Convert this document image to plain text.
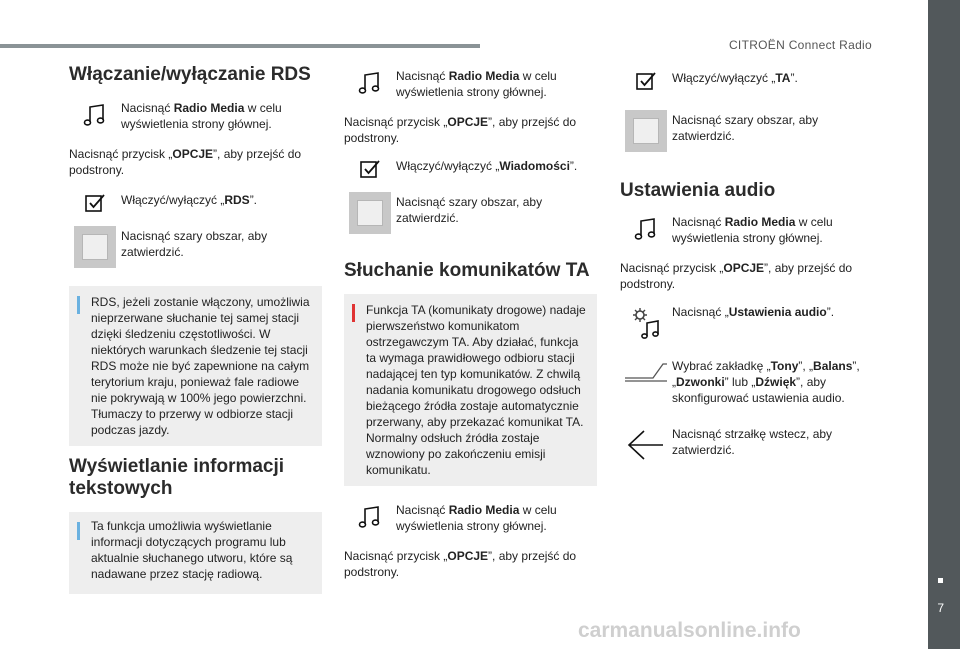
CITROËN Connect Radio
7
carmanualsonline.info
Włączanie/wyłączanie RDS
Nacisnąć Radio Media w celu wyświetlenia strony głównej.
Nacisnąć przycisk „OPCJE”, aby przejść do podstrony.
Włączyć/wyłączyć „RDS”.
Nacisnąć szary obszar, aby zatwierdzić.
RDS, jeżeli zostanie włączony, umożliwia nieprzerwane słuchanie tej samej stacji dzięki śledzeniu częstotliwości. W niektórych warunkach śledzenie tej stacji RDS może nie być zapewnione na całym terytorium kraju, ponieważ fale radiowe nie pokrywają w 100% jego powierzchni. Tłumaczy to przerwy w odbiorze stacji podczas jazdy.
Wyświetlanie informacji tekstowych
Ta funkcja umożliwia wyświetlanie informacji dotyczących programu lub aktualnie słuchanego utworu, które są nadawane przez stację radiową.
Nacisnąć Radio Media w celu wyświetlenia strony głównej.
Nacisnąć przycisk „OPCJE”, aby przejść do podstrony.
Włączyć/wyłączyć „Wiadomości”.
Nacisnąć szary obszar, aby zatwierdzić.
Słuchanie komunikatów TA
Funkcja TA (komunikaty drogowe) nadaje pierwszeństwo komunikatom ostrzegawczym TA. Aby działać, funkcja ta wymaga prawidłowego odbioru stacji nadającej ten typ komunikatów. Z chwilą nadania komunikatu drogowego odsłuch bieżącego źródła zostaje automatycznie przerwany, aby przekazać komunikat TA. Normalny odsłuch źródła zostaje wznowiony po zakończeniu emisji komunikatu.
Nacisnąć Radio Media w celu wyświetlenia strony głównej.
Nacisnąć przycisk „OPCJE”, aby przejść do podstrony.
Włączyć/wyłączyć „TA”.
Nacisnąć szary obszar, aby zatwierdzić.
Ustawienia audio
Nacisnąć Radio Media w celu wyświetlenia strony głównej.
Nacisnąć przycisk „OPCJE”, aby przejść do podstrony.
Nacisnąć „Ustawienia audio”.
Wybrać zakładkę „Tony”, „Balans”, „Dzwonki” lub „Dźwięk”, aby skonfigurować ustawienia audio.
Nacisnąć strzałkę wstecz, aby zatwierdzić.
